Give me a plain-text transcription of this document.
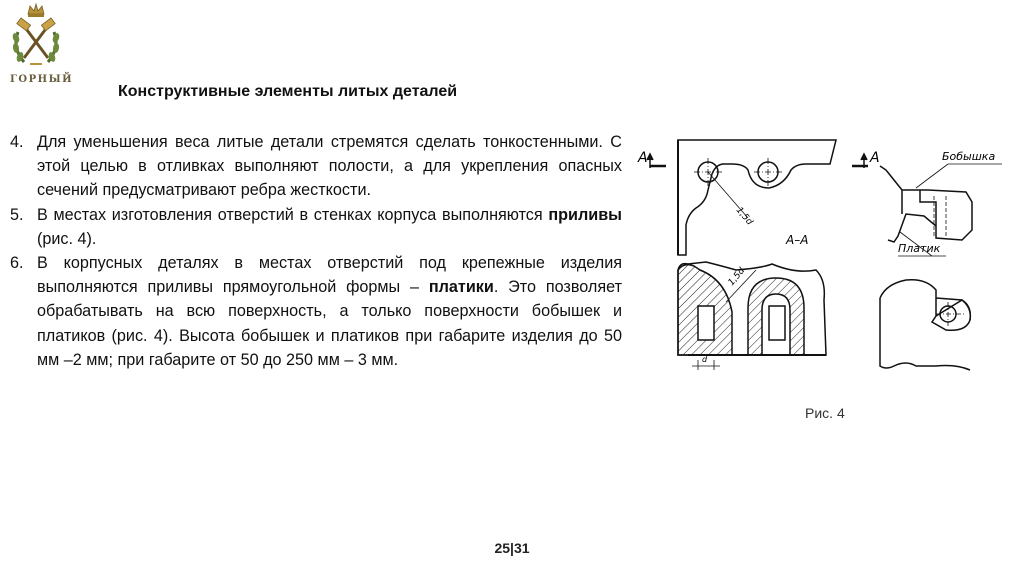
ГОРНЫЙ
Конструктивные элементы литых деталей
4. Для уменьшения веса литые детали стремятся сделать тонкостенными. С этой целью в отливках выполняют полости, а для укрепления опасных сечений предусматривают ребра жесткости.
5. В местах изготовления отверстий в стенках корпуса выполняются приливы (рис. 4).
6. В корпусных деталях в местах отверстий под крепежные изделия выполняются приливы прямоугольной формы – платики. Это позволяет обрабатывать на всю поверхность, а только поверхности бобышек и платиков (рис. 4). Высота бобышек и платиков при габарите изделия до 50 мм –2 мм; при габарите от 50 до 250 мм – 3 мм.
1,5d
A
1,5d
d
Бобышка
Платик
A–A
A
Рис. 4
25|31
